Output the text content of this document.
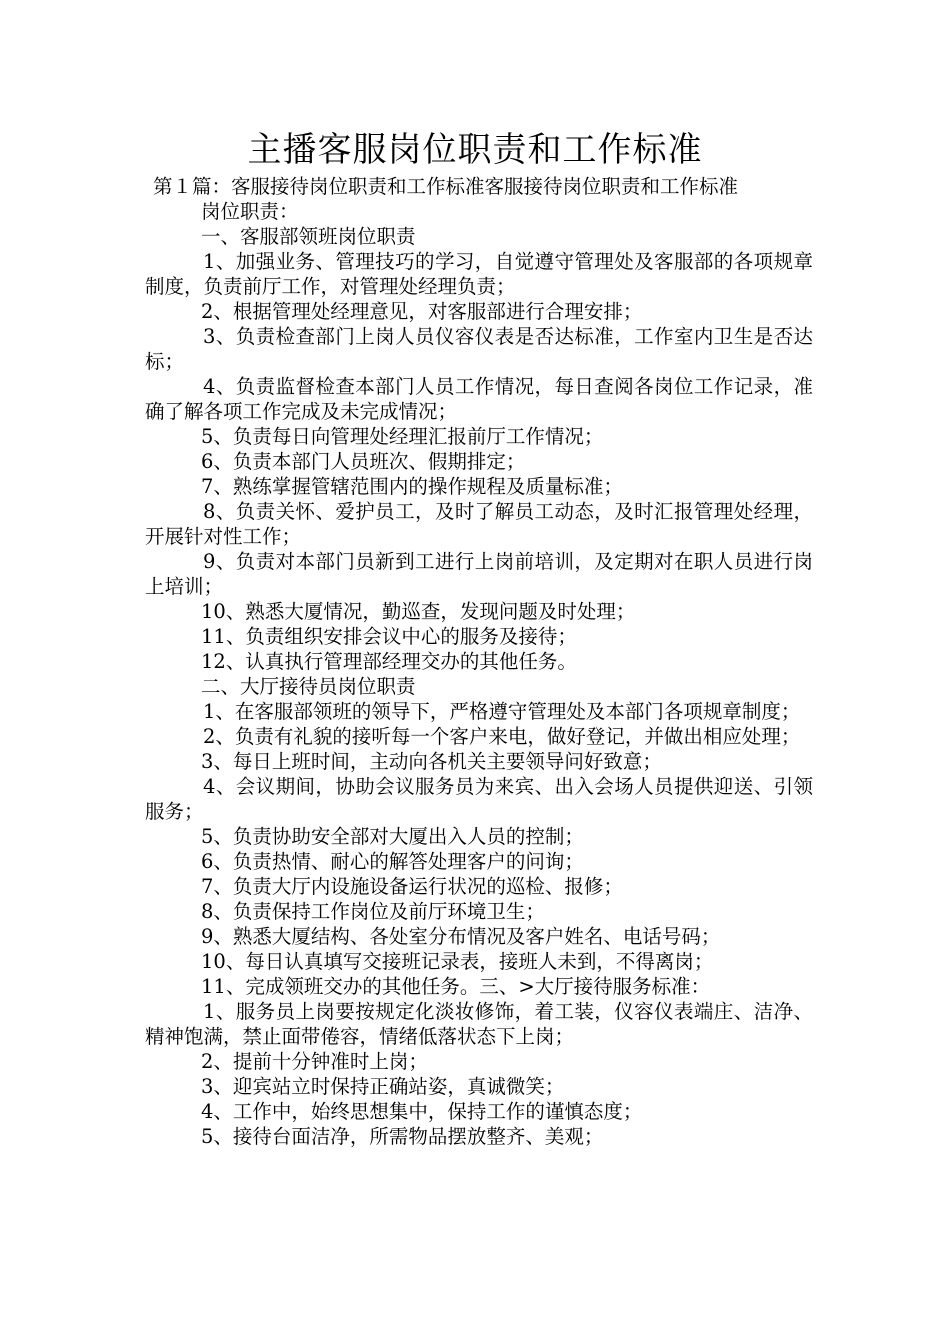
主播客服岗位职责和工作标准

第１篇：客服接待岗位职责和工作标准客服接待岗位职责和工作标准

岗位职责：

一、客服部领班岗位职责

1、加强业务、管理技巧的学习，自觉遵守管理处及客服部的各项规章制度，负责前厅工作，对管理处经理负责；

2、根据管理处经理意见，对客服部进行合理安排；

3、负责检查部门上岗人员仪容仪表是否达标准，工作室内卫生是否达标；

4、负责监督检查本部门人员工作情况，每日查阅各岗位工作记录，准确了解各项工作完成及未完成情况；

5、负责每日向管理处经理汇报前厅工作情况；

6、负责本部门人员班次、假期排定；

7、熟练掌握管辖范围内的操作规程及质量标准；

8、负责关怀、爱护员工，及时了解员工动态，及时汇报管理处经理，开展针对性工作；

9、负责对本部门员新到工进行上岗前培训，及定期对在职人员进行岗上培训；

10、熟悉大厦情况，勤巡查，发现问题及时处理；

11、负责组织安排会议中心的服务及接待；

12、认真执行管理部经理交办的其他任务。

二、大厅接待员岗位职责

1、在客服部领班的领导下，严格遵守管理处及本部门各项规章制度；

2、负责有礼貌的接听每一个客户来电，做好登记，并做出相应处理；

3、每日上班时间，主动向各机关主要领导问好致意；

4、会议期间，协助会议服务员为来宾、出入会场人员提供迎送、引领服务；

5、负责协助安全部对大厦出入人员的控制；

6、负责热情、耐心的解答处理客户的问询；

7、负责大厅内设施设备运行状况的巡检、报修；

8、负责保持工作岗位及前厅环境卫生；

9、熟悉大厦结构、各处室分布情况及客户姓名、电话号码；

10、每日认真填写交接班记录表，接班人未到，不得离岗；

11、完成领班交办的其他任务。三、>大厅接待服务标准：

1、服务员上岗要按规定化淡妆修饰，着工装，仪容仪表端庄、洁净、精神饱满，禁止面带倦容，情绪低落状态下上岗；

2、提前十分钟准时上岗；

3、迎宾站立时保持正确站姿，真诚微笑；

4、工作中，始终思想集中，保持工作的谨慎态度；

5、接待台面洁净，所需物品摆放整齐、美观；
